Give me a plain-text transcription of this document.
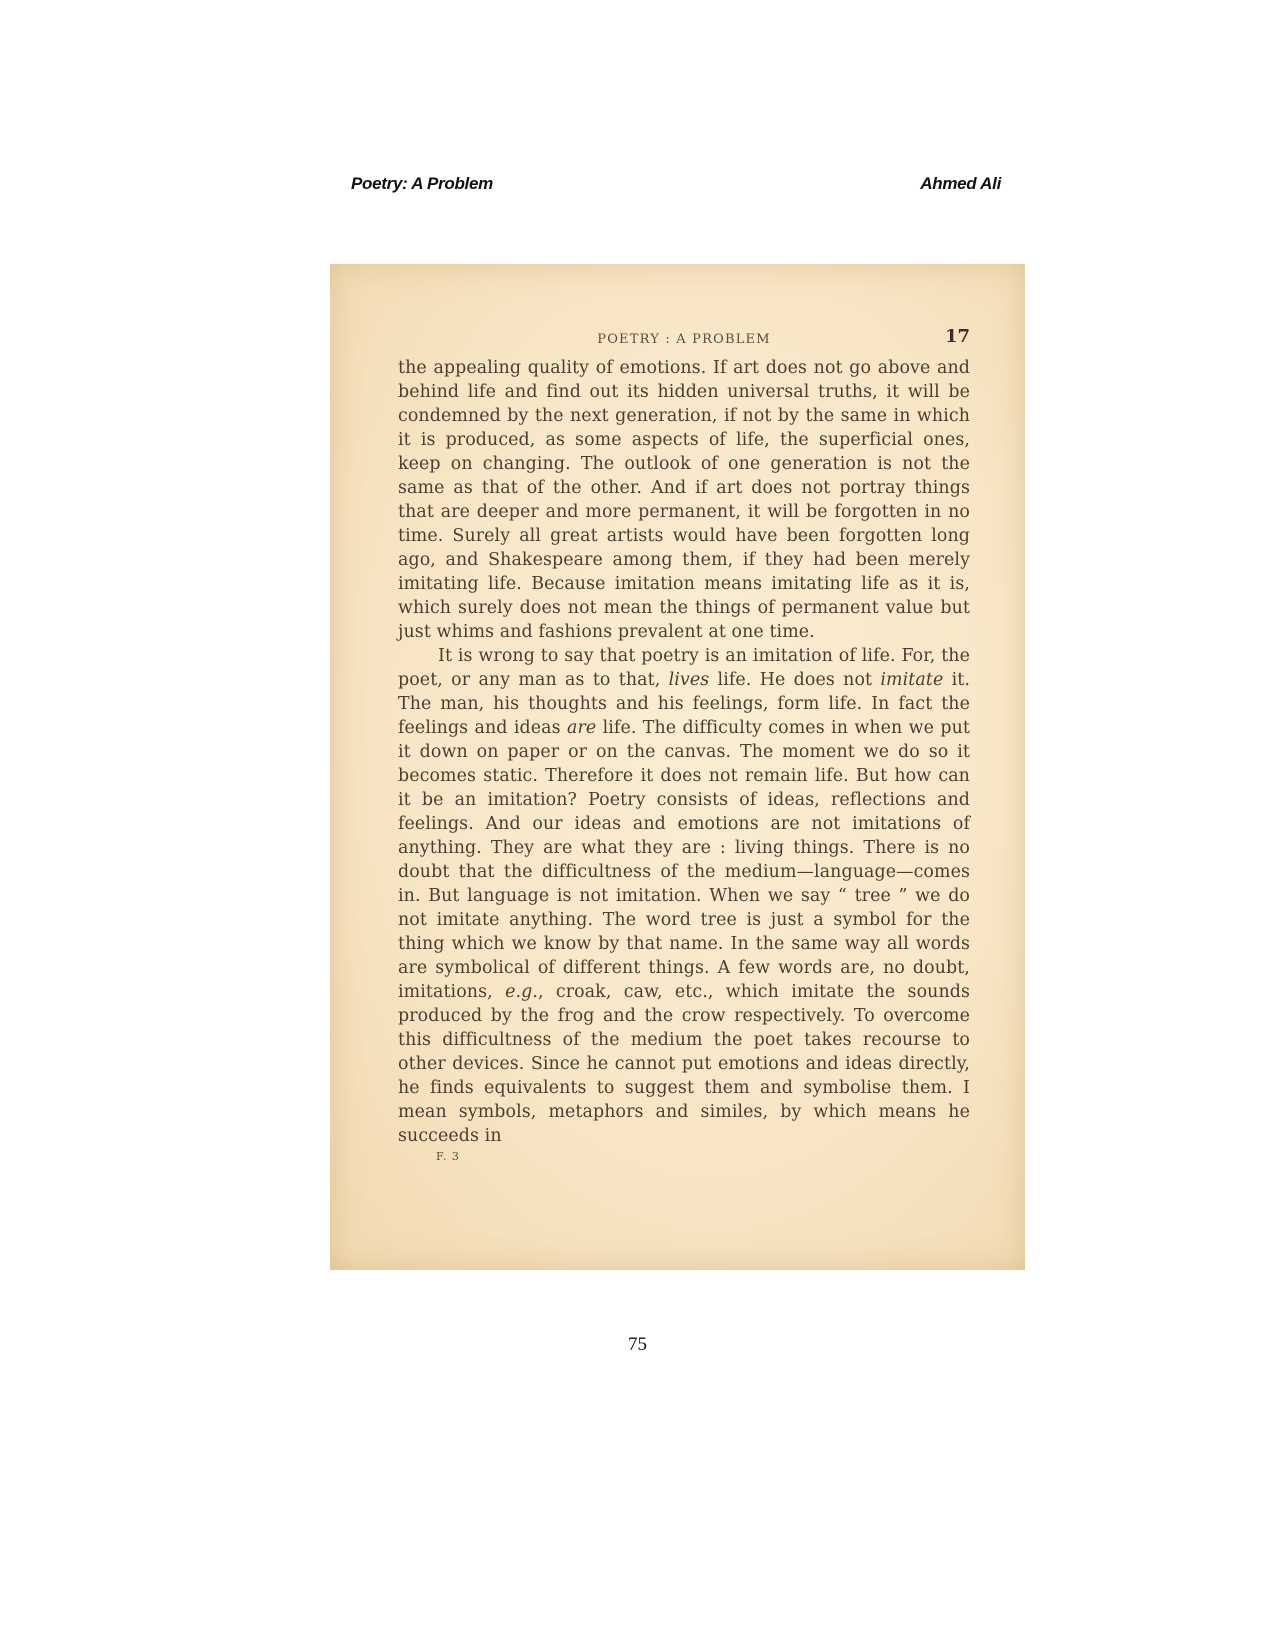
Poetry: A Problem	Ahmed Ali
POETRY : A PROBLEM	17

the appealing quality of emotions. If art does not go above and behind life and find out its hidden universal truths, it will be condemned by the next generation, if not by the same in which it is produced, as some aspects of life, the superficial ones, keep on changing. The outlook of one generation is not the same as that of the other. And if art does not portray things that are deeper and more permanent, it will be forgotten in no time. Surely all great artists would have been forgotten long ago, and Shakespeare among them, if they had been merely imitating life. Because imitation means imitating life as it is, which surely does not mean the things of permanent value but just whims and fashions prevalent at one time.

It is wrong to say that poetry is an imitation of life. For, the poet, or any man as to that, lives life. He does not imitate it. The man, his thoughts and his feelings, form life. In fact the feelings and ideas are life. The difficulty comes in when we put it down on paper or on the canvas. The moment we do so it becomes static. Therefore it does not remain life. But how can it be an imitation? Poetry consists of ideas, reflections and feelings. And our ideas and emotions are not imitations of anything. They are what they are : living things. There is no doubt that the difficultness of the medium—language—comes in. But language is not imitation. When we say “ tree ” we do not imitate anything. The word tree is just a symbol for the thing which we know by that name. In the same way all words are symbolical of different things. A few words are, no doubt, imitations, e.g., croak, caw, etc., which imitate the sounds produced by the frog and the crow respectively. To overcome this difficultness of the medium the poet takes recourse to other devices. Since he cannot put emotions and ideas directly, he finds equivalents to suggest them and symbolise them. I mean symbols, metaphors and similes, by which means he succeeds in

F. 3
75
